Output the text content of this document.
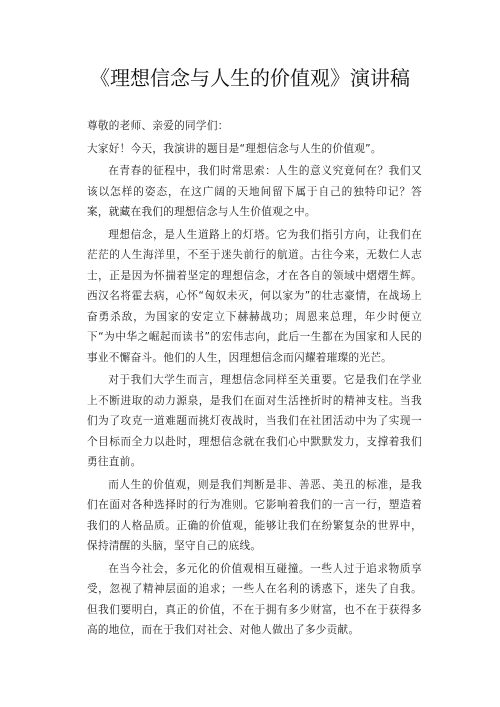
《理想信念与人生的价值观》演讲稿

尊敬的老师、亲爱的同学们：

大家好！今天，我演讲的题目是“理想信念与人生的价值观”。

在青春的征程中，我们时常思索：人生的意义究竟何在？我们又该以怎样的姿态，在这广阔的天地间留下属于自己的独特印记？答案，就藏在我们的理想信念与人生价值观之中。

理想信念，是人生道路上的灯塔。它为我们指引方向，让我们在茫茫的人生海洋里，不至于迷失前行的航道。古往今来，无数仁人志士，正是因为怀揣着坚定的理想信念，才在各自的领域中熠熠生辉。西汉名将霍去病，心怀“匈奴未灭，何以家为”的壮志豪情，在战场上奋勇杀敌，为国家的安定立下赫赫战功；周恩来总理，年少时便立下“为中华之崛起而读书”的宏伟志向，此后一生都在为国家和人民的事业不懈奋斗。他们的人生，因理想信念而闪耀着璀璨的光芒。

对于我们大学生而言，理想信念同样至关重要。它是我们在学业上不断进取的动力源泉，是我们在面对生活挫折时的精神支柱。当我们为了攻克一道难题而挑灯夜战时，当我们在社团活动中为了实现一个目标而全力以赴时，理想信念就在我们心中默默发力，支撑着我们勇往直前。

而人生的价值观，则是我们判断是非、善恶、美丑的标准，是我们在面对各种选择时的行为准则。它影响着我们的一言一行，塑造着我们的人格品质。正确的价值观，能够让我们在纷繁复杂的世界中，保持清醒的头脑，坚守自己的底线。

在当今社会，多元化的价值观相互碰撞。一些人过于追求物质享受，忽视了精神层面的追求；一些人在名利的诱惑下，迷失了自我。但我们要明白，真正的价值，不在于拥有多少财富，也不在于获得多高的地位，而在于我们对社会、对他人做出了多少贡献。
